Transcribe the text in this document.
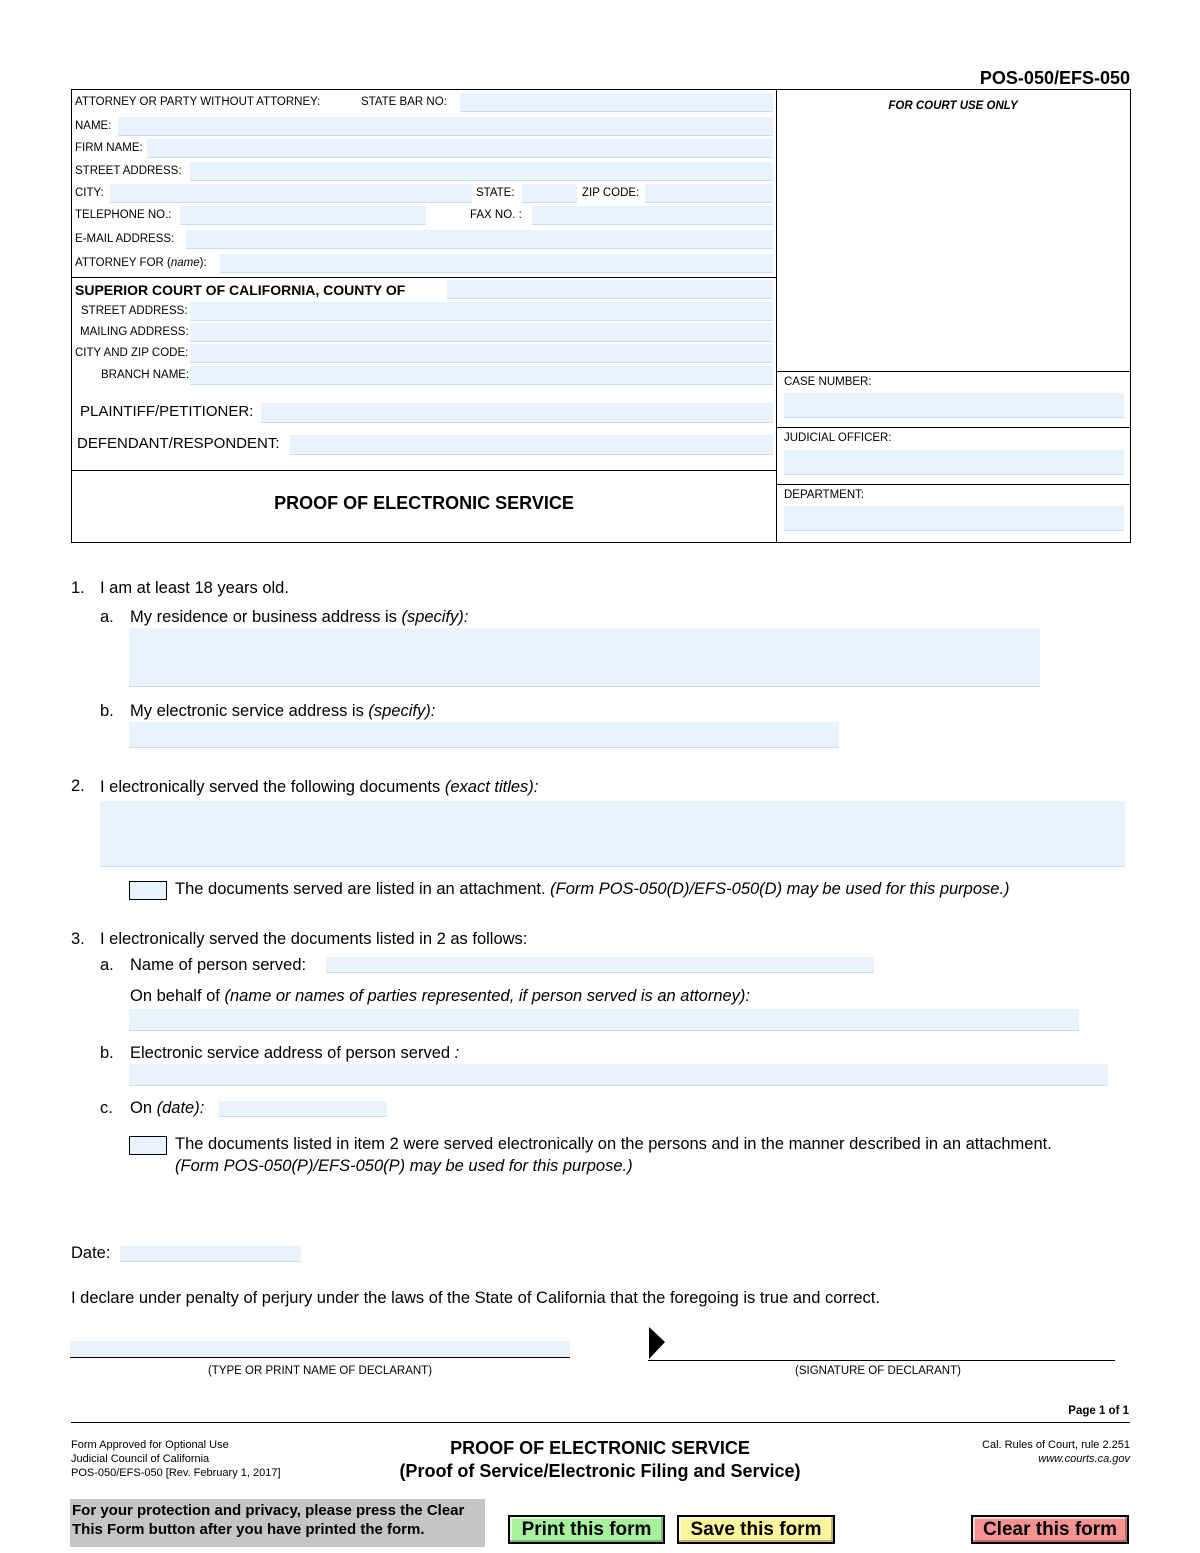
POS-050/EFS-050
ATTORNEY OR PARTY WITHOUT ATTORNEY:	STATE BAR NO:
NAME:
FIRM NAME:
STREET ADDRESS:
CITY:	STATE:	ZIP CODE:
TELEPHONE NO.:	FAX NO. :
E-MAIL ADDRESS:
ATTORNEY FOR (name):
SUPERIOR COURT OF CALIFORNIA, COUNTY OF
STREET ADDRESS:
MAILING ADDRESS:
CITY AND ZIP CODE:
BRANCH NAME:
PLAINTIFF/PETITIONER:
DEFENDANT/RESPONDENT:
PROOF OF ELECTRONIC SERVICE
FOR COURT USE ONLY
CASE NUMBER:
JUDICIAL OFFICER:
DEPARTMENT:
1. I am at least 18 years old.
a. My residence or business address is (specify):
b. My electronic service address is (specify):
2. I electronically served the following documents (exact titles):
The documents served are listed in an attachment. (Form POS-050(D)/EFS-050(D) may be used for this purpose.)
3. I electronically served the documents listed in 2 as follows:
a. Name of person served:
On behalf of (name or names of parties represented, if person served is an attorney):
b. Electronic service address of person served :
c. On (date):
The documents listed in item 2 were served electronically on the persons and in the manner described in an attachment.
(Form POS-050(P)/EFS-050(P) may be used for this purpose.)
Date:
I declare under penalty of perjury under the laws of the State of California that the foregoing is true and correct.
(TYPE OR PRINT NAME OF DECLARANT)	(SIGNATURE OF DECLARANT)
Page 1 of 1
Form Approved for Optional Use
Judicial Council of California
POS-050/EFS-050 [Rev. February 1, 2017]
PROOF OF ELECTRONIC SERVICE
(Proof of Service/Electronic Filing and Service)
Cal. Rules of Court, rule 2.251
www.courts.ca.gov
For your protection and privacy, please press the Clear
This Form button after you have printed the form.	Print this form	Save this form	Clear this form
